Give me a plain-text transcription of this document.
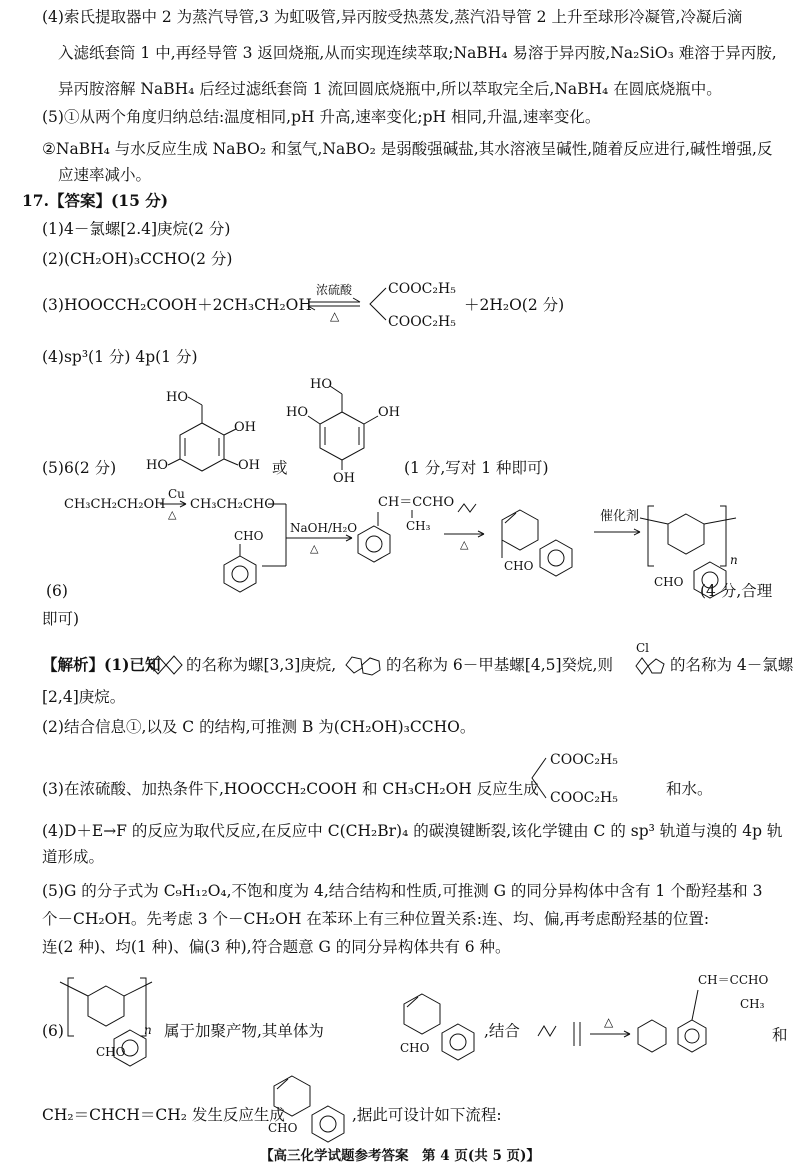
(4)索氏提取器中 2 为蒸汽导管,3 为虹吸管,异丙胺受热蒸发,蒸汽沿导管 2 上升至球形冷凝管,冷凝后滴
入滤纸套筒 1 中,再经导管 3 返回烧瓶,从而实现连续萃取;NaBH₄ 易溶于异丙胺,Na₂SiO₃ 难溶于异丙胺,
异丙胺溶解 NaBH₄ 后经过滤纸套筒 1 流回圆底烧瓶中,所以萃取完全后,NaBH₄ 在圆底烧瓶中。
(5)①从两个角度归纳总结:温度相同,pH 升高,速率变化;pH 相同,升温,速率变化。
②NaBH₄ 与水反应生成 NaBO₂ 和氢气,NaBO₂ 是弱酸强碱盐,其水溶液呈碱性,随着反应进行,碱性增强,反
应速率减小。
17.【答案】(15 分)
(1)4－氯螺[2.4]庚烷(2 分)
(2)(CH₂OH)₃CCHO(2 分)
(3)HOOCCH₂COOH＋2CH₃CH₂OH
浓硫酸
△
COOC₂H₅
COOC₂H₅
＋2H₂O(2 分)
(4)sp³(1 分) 4p(1 分)
(5)6(2 分)
HO
OH
HO	OH 或
HO
HO	OH
OH
(1 分,写对 1 种即可)
CH₃CH₂CH₂OH
Cu
△
CH₃CH₂CHO
CHO
NaOH/H₂O
△
CH＝CCHO
CH₃
△
CHO
催化剂
n
CHO
(6)	(4 分,合理
即可)
【解析】(1)已知 的名称为螺[3,3]庚烷,	的名称为 6－甲基螺[4,5]癸烷,则
Cl
的名称为 4－氯螺
[2,4]庚烷。
(2)结合信息①,以及 C 的结构,可推测 B 为(CH₂OH)₃CCHO。
(3)在浓硫酸、加热条件下,HOOCCH₂COOH 和 CH₃CH₂OH 反应生成
COOC₂H₅
COOC₂H₅	和水。
(4)D＋E→F 的反应为取代反应,在反应中 C(CH₂Br)₄ 的碳溴键断裂,该化学键由 C 的 sp³ 轨道与溴的 4p 轨
道形成。
(5)G 的分子式为 C₉H₁₂O₄,不饱和度为 4,结合结构和性质,可推测 G 的同分异构体中含有 1 个酚羟基和 3
个－CH₂OH。先考虑 3 个－CH₂OH 在苯环上有三种位置关系:连、均、偏,再考虑酚羟基的位置:
连(2 种)、均(1 种)、偏(3 种),符合题意 G 的同分异构体共有 6 种。
(6)	n
CHO
属于加聚产物,其单体为
CHO
,结合	△
CH＝CCHO
CH₃
和
CH₂＝CHCH＝CH₂ 发生反应生成
CHO
,据此可设计如下流程:
【高三化学试题参考答案　第 4 页(共 5 页)】
